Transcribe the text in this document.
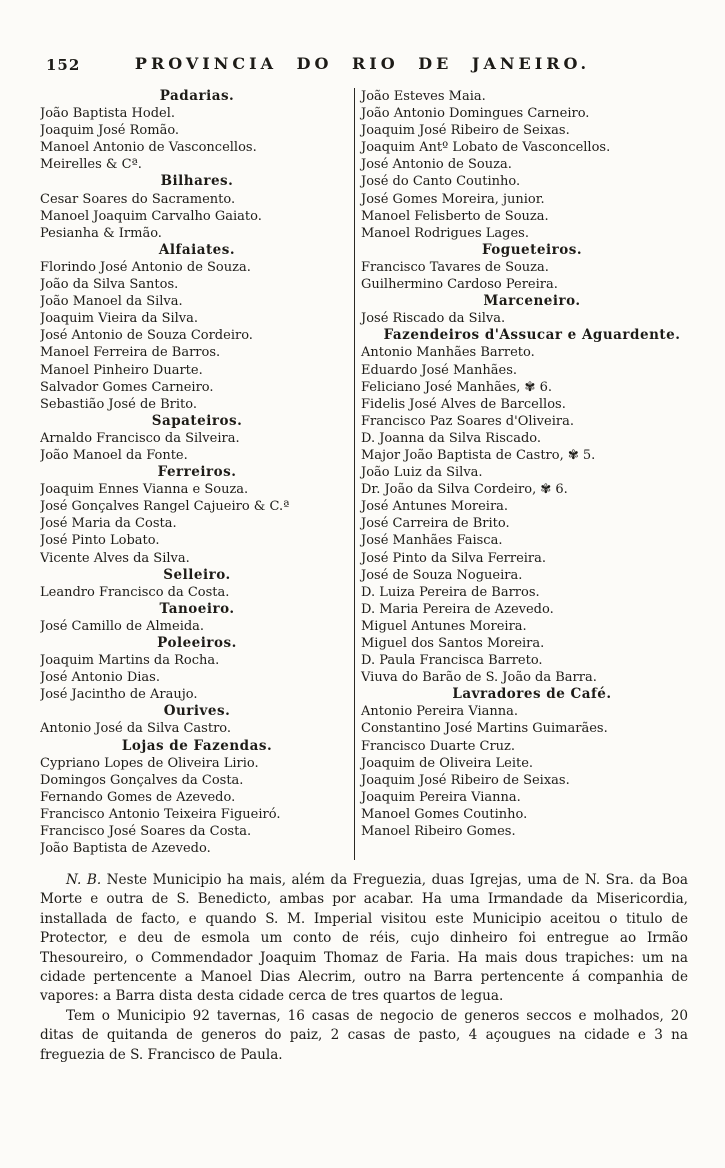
152	PROVINCIA DO RIO DE JANEIRO.
Padarias.
João Baptista Hodel.
Joaquim José Romão.
Manoel Antonio de Vasconcellos.
Meirelles & Cª.
Bilhares.
Cesar Soares do Sacramento.
Manoel Joaquim Carvalho Gaiato.
Pesianha & Irmão.
Alfaiates.
Florindo José Antonio de Souza.
João da Silva Santos.
João Manoel da Silva.
Joaquim Vieira da Silva.
José Antonio de Souza Cordeiro.
Manoel Ferreira de Barros.
Manoel Pinheiro Duarte.
Salvador Gomes Carneiro.
Sebastião José de Brito.
Sapateiros.
Arnaldo Francisco da Silveira.
João Manoel da Fonte.
Ferreiros.
Joaquim Ennes Vianna e Souza.
José Gonçalves Rangel Cajueiro & C.ª
José Maria da Costa.
José Pinto Lobato.
Vicente Alves da Silva.
Selleiro.
Leandro Francisco da Costa.
Tanoeiro.
José Camillo de Almeida.
Poleeiros.
Joaquim Martins da Rocha.
José Antonio Dias.
José Jacintho de Araujo.
Ourives.
Antonio José da Silva Castro.
Lojas de Fazendas.
Cypriano Lopes de Oliveira Lirio.
Domingos Gonçalves da Costa.
Fernando Gomes de Azevedo.
Francisco Antonio Teixeira Figueiró.
Francisco José Soares da Costa.
João Baptista de Azevedo.
João Esteves Maia.
João Antonio Domingues Carneiro.
Joaquim José Ribeiro de Seixas.
Joaquim Antº Lobato de Vasconcellos.
José Antonio de Souza.
José do Canto Coutinho.
José Gomes Moreira, junior.
Manoel Felisberto de Souza.
Manoel Rodrigues Lages.
Fogueteiros.
Francisco Tavares de Souza.
Guilhermino Cardoso Pereira.
Marceneiro.
José Riscado da Silva.
Fazendeiros d'Assucar e Aguardente.
Antonio Manhães Barreto.
Eduardo José Manhães.
Feliciano José Manhães, ✾ 6.
Fidelis José Alves de Barcellos.
Francisco Paz Soares d'Oliveira.
D. Joanna da Silva Riscado.
Major João Baptista de Castro, ✾ 5.
João Luiz da Silva.
Dr. João da Silva Cordeiro, ✾ 6.
José Antunes Moreira.
José Carreira de Brito.
José Manhães Faisca.
José Pinto da Silva Ferreira.
José de Souza Nogueira.
D. Luiza Pereira de Barros.
D. Maria Pereira de Azevedo.
Miguel Antunes Moreira.
Miguel dos Santos Moreira.
D. Paula Francisca Barreto.
Viuva do Barão de S. João da Barra.
Lavradores de Café.
Antonio Pereira Vianna.
Constantino José Martins Guimarães.
Francisco Duarte Cruz.
Joaquim de Oliveira Leite.
Joaquim José Ribeiro de Seixas.
Joaquim Pereira Vianna.
Manoel Gomes Coutinho.
Manoel Ribeiro Gomes.

N. B. Neste Municipio ha mais, além da Freguezia, duas Igrejas, uma de N. Sra. da Boa Morte e outra de S. Benedicto, ambas por acabar. Ha uma Irmandade da Misericordia, installada de facto, e quando S. M. Imperial visitou este Municipio aceitou o titulo de Protector, e deu de esmola um conto de réis, cujo dinheiro foi entregue ao Irmão Thesoureiro, o Commendador Joaquim Thomaz de Faria. Ha mais dous trapiches: um na cidade pertencente a Manoel Dias Alecrim, outro na Barra pertencente á companhia de vapores: a Barra dista desta cidade cerca de tres quartos de legua.

Tem o Municipio 92 tavernas, 16 casas de negocio de generos seccos e molhados, 20 ditas de quitanda de generos do paiz, 2 casas de pasto, 4 açougues na cidade e 3 na freguezia de S. Francisco de Paula.
